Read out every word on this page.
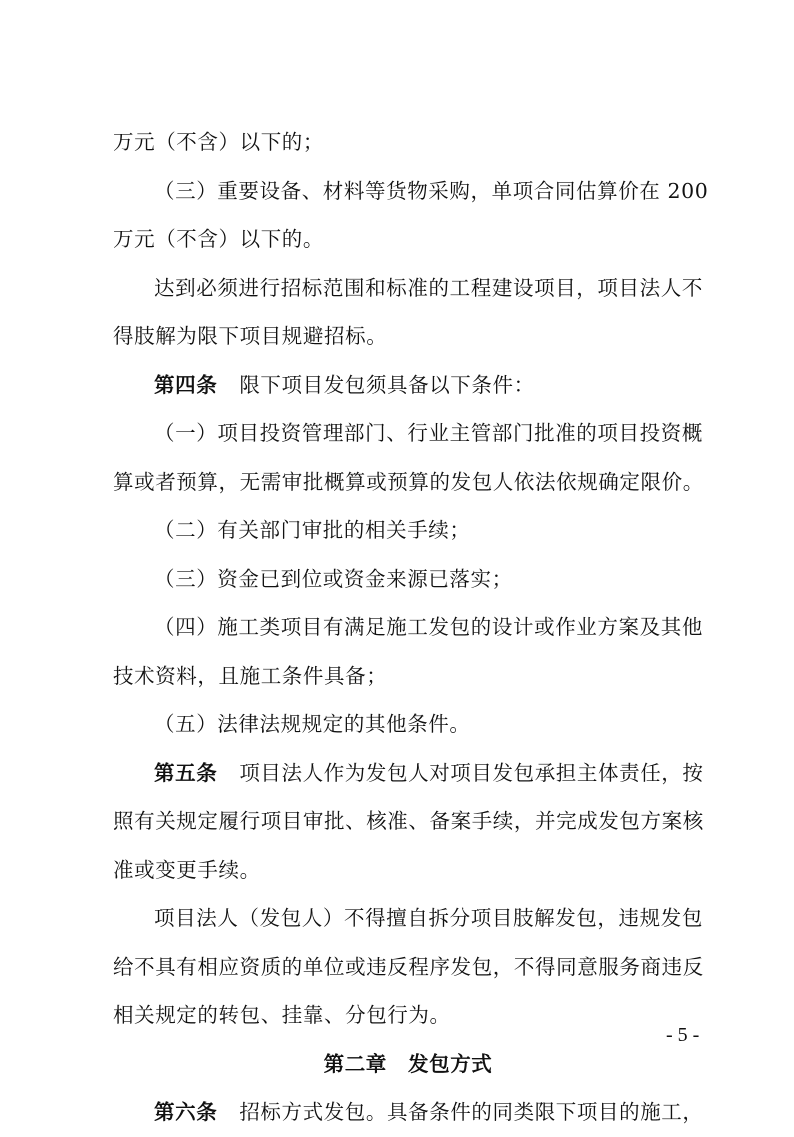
万元（不含）以下的；
（三）重要设备、材料等货物采购，单项合同估算价在 200
万元（不含）以下的。
达到必须进行招标范围和标准的工程建设项目，项目法人不
得肢解为限下项目规避招标。
第四条 限下项目发包须具备以下条件：
（一）项目投资管理部门、行业主管部门批准的项目投资概
算或者预算，无需审批概算或预算的发包人依法依规确定限价。
（二）有关部门审批的相关手续；
（三）资金已到位或资金来源已落实；
（四）施工类项目有满足施工发包的设计或作业方案及其他
技术资料，且施工条件具备；
（五）法律法规规定的其他条件。
第五条 项目法人作为发包人对项目发包承担主体责任，按
照有关规定履行项目审批、核准、备案手续，并完成发包方案核
准或变更手续。
项目法人（发包人）不得擅自拆分项目肢解发包，违规发包
给不具有相应资质的单位或违反程序发包，不得同意服务商违反
相关规定的转包、挂靠、分包行为。
第二章　发包方式
第六条 招标方式发包。具备条件的同类限下项目的施工，
- 5 -
